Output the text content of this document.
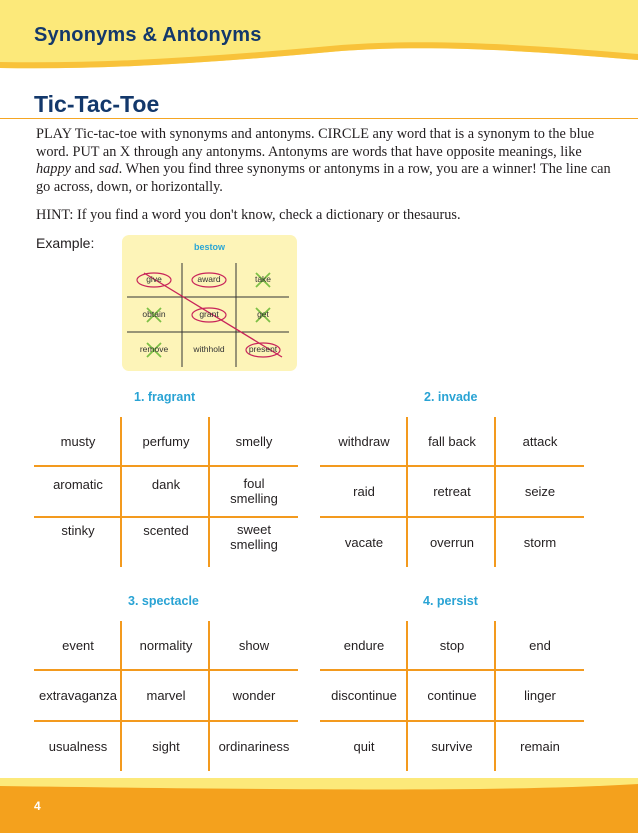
Synonyms & Antonyms
Tic-Tac-Toe

PLAY Tic-tac-toe with synonyms and antonyms. CIRCLE any word that is a synonym to the blue word. PUT an X through any antonyms. Antonyms are words that have opposite meanings, like happy and sad. When you find three synonyms or antonyms in a row, you are a winner! The line can go across, down, or horizontally.

HINT: If you find a word you don't know, check a dictionary or thesaurus.

Example:	bestow
give	award	take
obtain	grant	get
remove	withhold	present

1. fragrant

musty	perfumy	smelly
aromatic	dank	foul
smelling
stinky	scented	sweet
smelling

2. invade

withdraw	fall back	attack
raid	retreat	seize
vacate	overrun	storm

3. spectacle

event	normality	show
extravaganza	marvel	wonder
usualness	sight	ordinariness

4. persist

endure	stop	end
discontinue	continue	linger
quit	survive	remain

4
